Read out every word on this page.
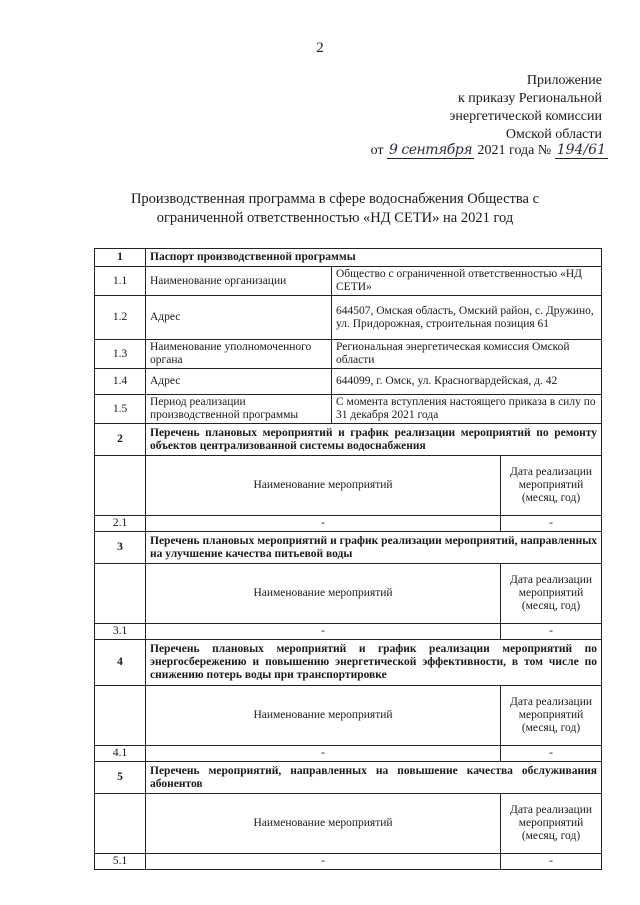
2
Приложение
к приказу Региональной
энергетической комиссии
Омской области
от 9 сентября 2021 года № 194/61
Производственная программа в сфере водоснабжения Общества с
ограниченной ответственностью «НД СЕТИ» на 2021 год
1	Паспорт производственной программы		
1.1	Наименование организации	Общество с ограниченной ответственностью «НД СЕТИ»	
1.2	Адрес	644507, Омская область, Омский район, с. Дружино, ул. Придорожная, строительная позиция 61	
1.3	Наименование уполномоченного органа	Региональная энергетическая комиссия Омской области	
1.4	Адрес	644099, г. Омск, ул. Красногвардейская, д. 42	
1.5	Период реализации производственной программы	С момента вступления настоящего приказа в силу по 31 декабря 2021 года	
2	Перечень плановых мероприятий и график реализации мероприятий по ремонту объектов централизованной системы водоснабжения		
	Наименование мероприятий		Дата реализации мероприятий (месяц, год)
2.1	-		-
3	Перечень плановых мероприятий и график реализации мероприятий, направленных на улучшение качества питьевой воды		
	Наименование мероприятий		Дата реализации мероприятий (месяц, год)
3.1	-		-
4	Перечень плановых мероприятий и график реализации мероприятий по энергосбережению и повышению энергетической эффективности, в том числе по снижению потерь воды при транспортировке		
	Наименование мероприятий		Дата реализации мероприятий (месяц, год)
4.1	-		-
5	Перечень мероприятий, направленных на повышение качества обслуживания абонентов		
	Наименование мероприятий		Дата реализации мероприятий (месяц, год)
5.1	-		-
